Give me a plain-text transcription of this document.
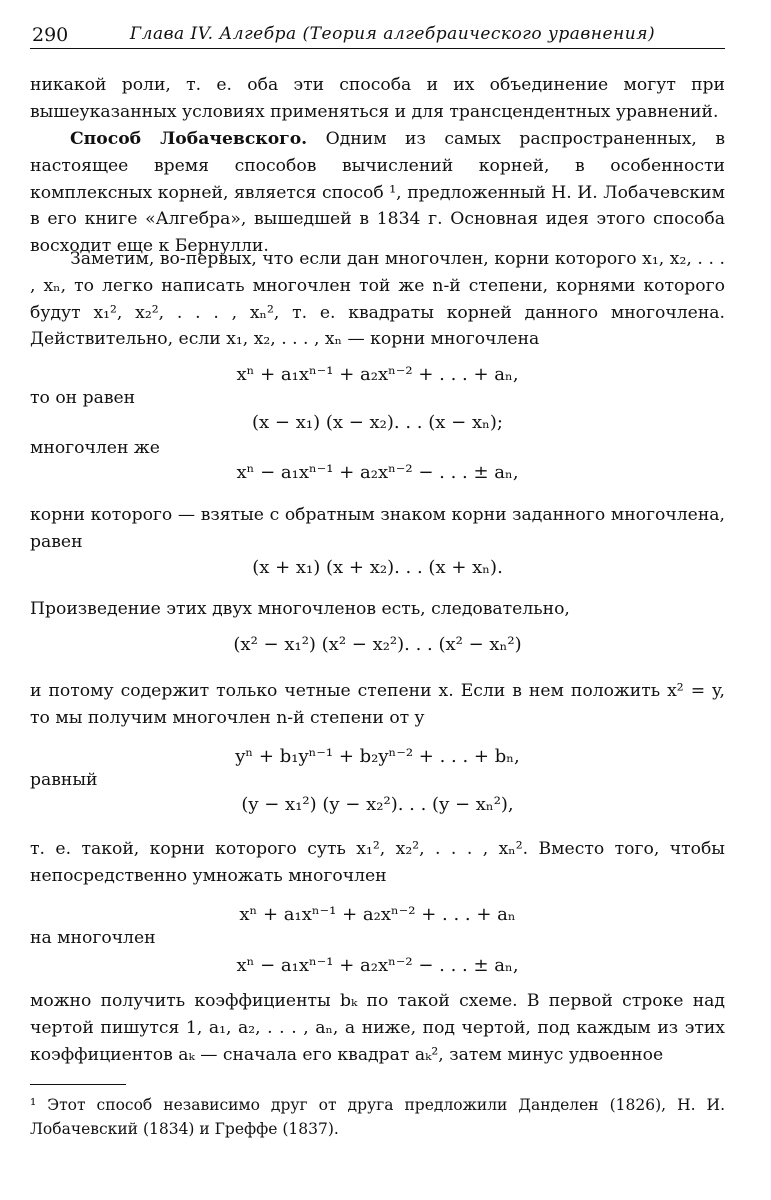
290	Глава IV. Алгебра (Теория алгебраического уравнения)
никакой роли, т. е. оба эти способа и их объединение могут при вышеуказанных условиях применяться и для трансцендентных уравнений.
Способ Лобачевского. Одним из самых распространенных, в настоящее время способов вычислений корней, в особенности комплексных корней, является способ ¹, предложенный Н. И. Лобачевским в его книге «Алгебра», вышедшей в 1834 г. Основная идея этого способа восходит еще к Бернулли.
Заметим, во-первых, что если дан многочлен, корни которого x₁, x₂, . . . , xₙ, то легко написать многочлен той же n-й степени, корнями которого будут x₁², x₂², . . . , xₙ², т. е. квадраты корней данного многочлена. Действительно, если x₁, x₂, . . . , xₙ — корни многочлена
xⁿ + a₁xⁿ⁻¹ + a₂xⁿ⁻² + . . . + aₙ,
то он равен
(x − x₁) (x − x₂). . . (x − xₙ);
многочлен же
xⁿ − a₁xⁿ⁻¹ + a₂xⁿ⁻² − . . . ± aₙ,
корни которого — взятые с обратным знаком корни заданного многочлена, равен
(x + x₁) (x + x₂). . . (x + xₙ).
Произведение этих двух многочленов есть, следовательно,
(x² − x₁²) (x² − x₂²). . . (x² − xₙ²)
и потому содержит только четные степени x. Если в нем положить x² = y, то мы получим многочлен n-й степени от y
yⁿ + b₁yⁿ⁻¹ + b₂yⁿ⁻² + . . . + bₙ,
равный
(y − x₁²) (y − x₂²). . . (y − xₙ²),
т. е. такой, корни которого суть x₁², x₂², . . . , xₙ². Вместо того, чтобы непосредственно умножать многочлен
xⁿ + a₁xⁿ⁻¹ + a₂xⁿ⁻² + . . . + aₙ
на многочлен
xⁿ − a₁xⁿ⁻¹ + a₂xⁿ⁻² − . . . ± aₙ,
можно получить коэффициенты bₖ по такой схеме. В первой строке над чертой пишутся 1, a₁, a₂, . . . , aₙ, а ниже, под чертой, под каждым из этих коэффициентов aₖ — сначала его квадрат aₖ², затем минус удвоенное
¹ Этот способ независимо друг от друга предложили Данделен (1826), Н. И. Лобачевский (1834) и Греффе (1837).
